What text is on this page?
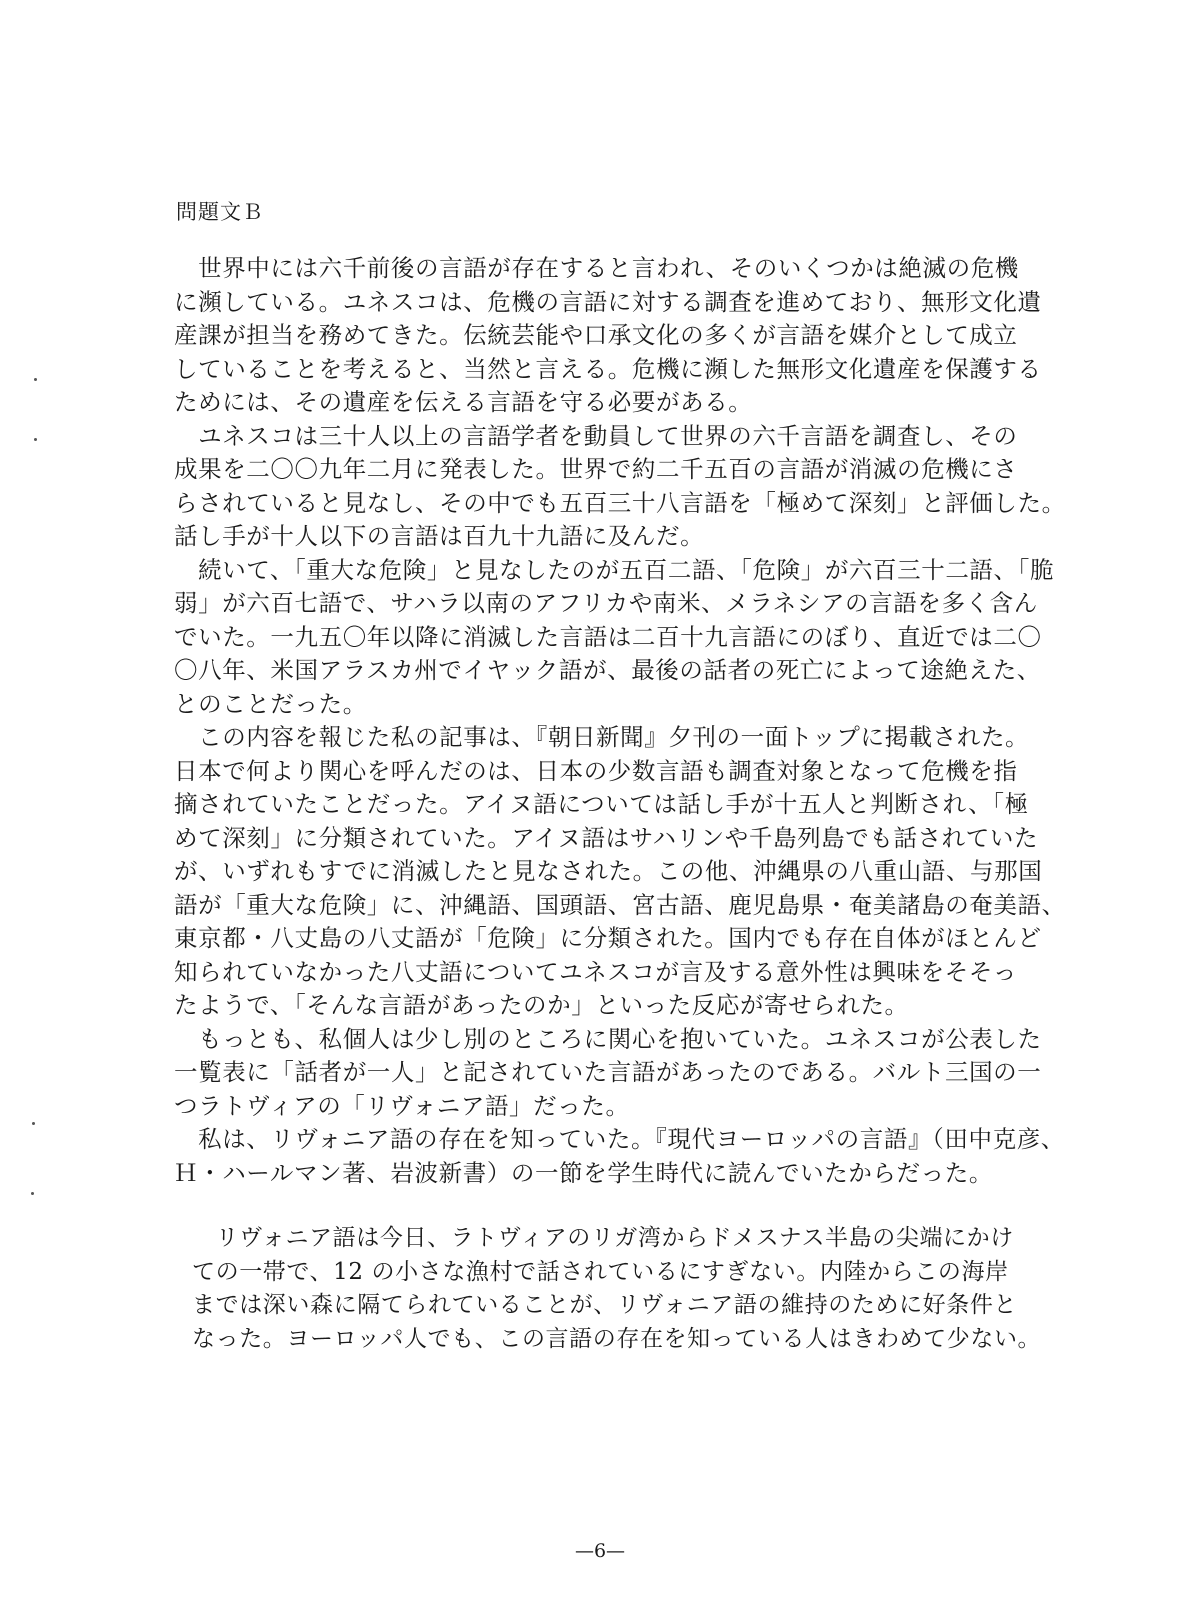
問題文Ｂ
　世界中には六千前後の言語が存在すると言われ、そのいくつかは絶滅の危機
に瀕している。ユネスコは、危機の言語に対する調査を進めており、無形文化遺
産課が担当を務めてきた。伝統芸能や口承文化の多くが言語を媒介として成立
していることを考えると、当然と言える。危機に瀕した無形文化遺産を保護する
ためには、その遺産を伝える言語を守る必要がある。
　ユネスコは三十人以上の言語学者を動員して世界の六千言語を調査し、その
成果を二〇〇九年二月に発表した。世界で約二千五百の言語が消滅の危機にさ
らされていると見なし、その中でも五百三十八言語を「極めて深刻」と評価した。
話し手が十人以下の言語は百九十九語に及んだ。
　続いて、「重大な危険」と見なしたのが五百二語、「危険」が六百三十二語、「脆
弱」が六百七語で、サハラ以南のアフリカや南米、メラネシアの言語を多く含ん
でいた。一九五〇年以降に消滅した言語は二百十九言語にのぼり、直近では二〇
〇八年、米国アラスカ州でイヤック語が、最後の話者の死亡によって途絶えた、
とのことだった。
　この内容を報じた私の記事は、『朝日新聞』夕刊の一面トップに掲載された。
日本で何より関心を呼んだのは、日本の少数言語も調査対象となって危機を指
摘されていたことだった。アイヌ語については話し手が十五人と判断され、「極
めて深刻」に分類されていた。アイヌ語はサハリンや千島列島でも話されていた
が、いずれもすでに消滅したと見なされた。この他、沖縄県の八重山語、与那国
語が「重大な危険」に、沖縄語、国頭語、宮古語、鹿児島県・奄美諸島の奄美語、
東京都・八丈島の八丈語が「危険」に分類された。国内でも存在自体がほとんど
知られていなかった八丈語についてユネスコが言及する意外性は興味をそそっ
たようで、「そんな言語があったのか」といった反応が寄せられた。
　もっとも、私個人は少し別のところに関心を抱いていた。ユネスコが公表した
一覧表に「話者が一人」と記されていた言語があったのである。バルト三国の一
つラトヴィアの「リヴォニア語」だった。
　私は、リヴォニア語の存在を知っていた。『現代ヨーロッパの言語』（田中克彦、
Ｈ・ハールマン著、岩波新書）の一節を学生時代に読んでいたからだった。
　リヴォニア語は今日、ラトヴィアのリガ湾からドメスナス半島の尖端にかけ
ての一帯で、12 の小さな漁村で話されているにすぎない。内陸からこの海岸
までは深い森に隔てられていることが、リヴォニア語の維持のために好条件と
なった。ヨーロッパ人でも、この言語の存在を知っている人はきわめて少ない。
—6—
